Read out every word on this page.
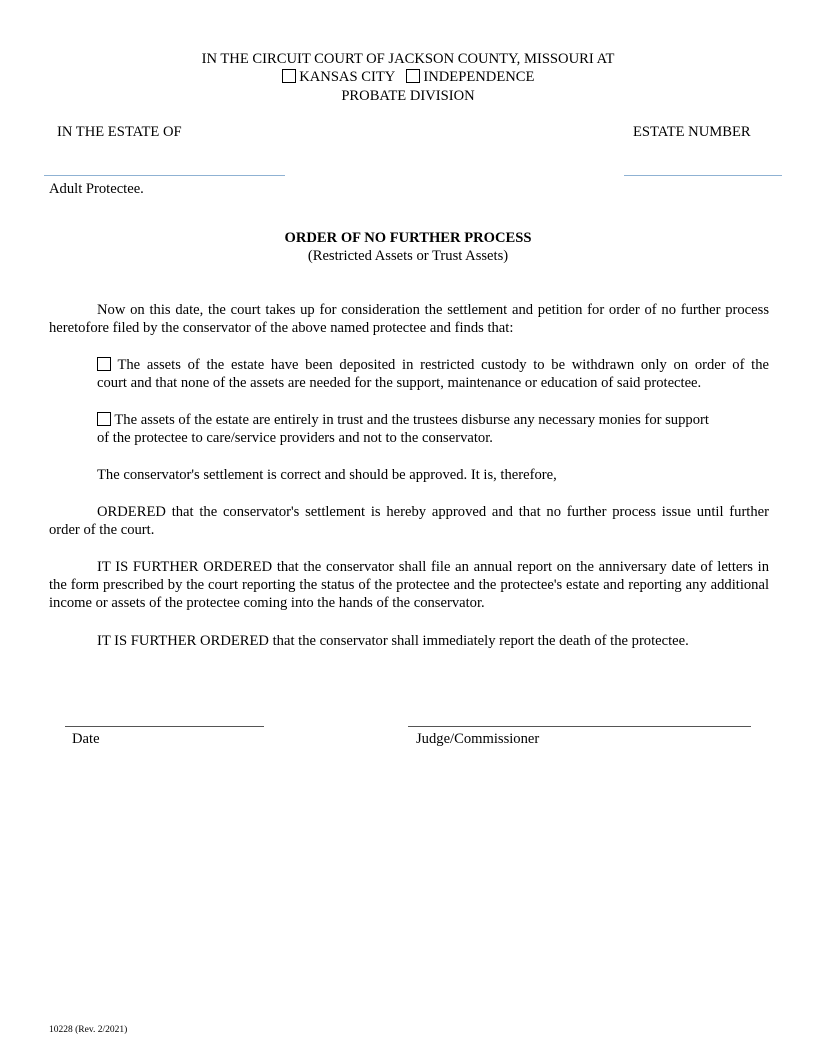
IN THE CIRCUIT COURT OF JACKSON COUNTY, MISSOURI AT
KANSAS CITY INDEPENDENCE
PROBATE DIVISION
IN THE ESTATE OF	ESTATE NUMBER
Adult Protectee.
ORDER OF NO FURTHER PROCESS
(Restricted Assets or Trust Assets)
Now on this date, the court takes up for consideration the settlement and petition for order of no further process heretofore filed by the conservator of the above named protectee and finds that:
The assets of the estate have been deposited in restricted custody to be withdrawn only on order of the
court and that none of the assets are needed for the support, maintenance or education of said protectee.
The assets of the estate are entirely in trust and the trustees disburse any necessary monies for support
of the protectee to care/service providers and not to the conservator.
The conservator's settlement is correct and should be approved. It is, therefore,
ORDERED that the conservator's settlement is hereby approved and that no further process issue until further order of the court.
IT IS FURTHER ORDERED that the conservator shall file an annual report on the anniversary date of letters in the form prescribed by the court reporting the status of the protectee and the protectee's estate and reporting any additional income or assets of the protectee coming into the hands of the conservator.
IT IS FURTHER ORDERED that the conservator shall immediately report the death of the protectee.
Date	Judge/Commissioner
10228 (Rev. 2/2021)
